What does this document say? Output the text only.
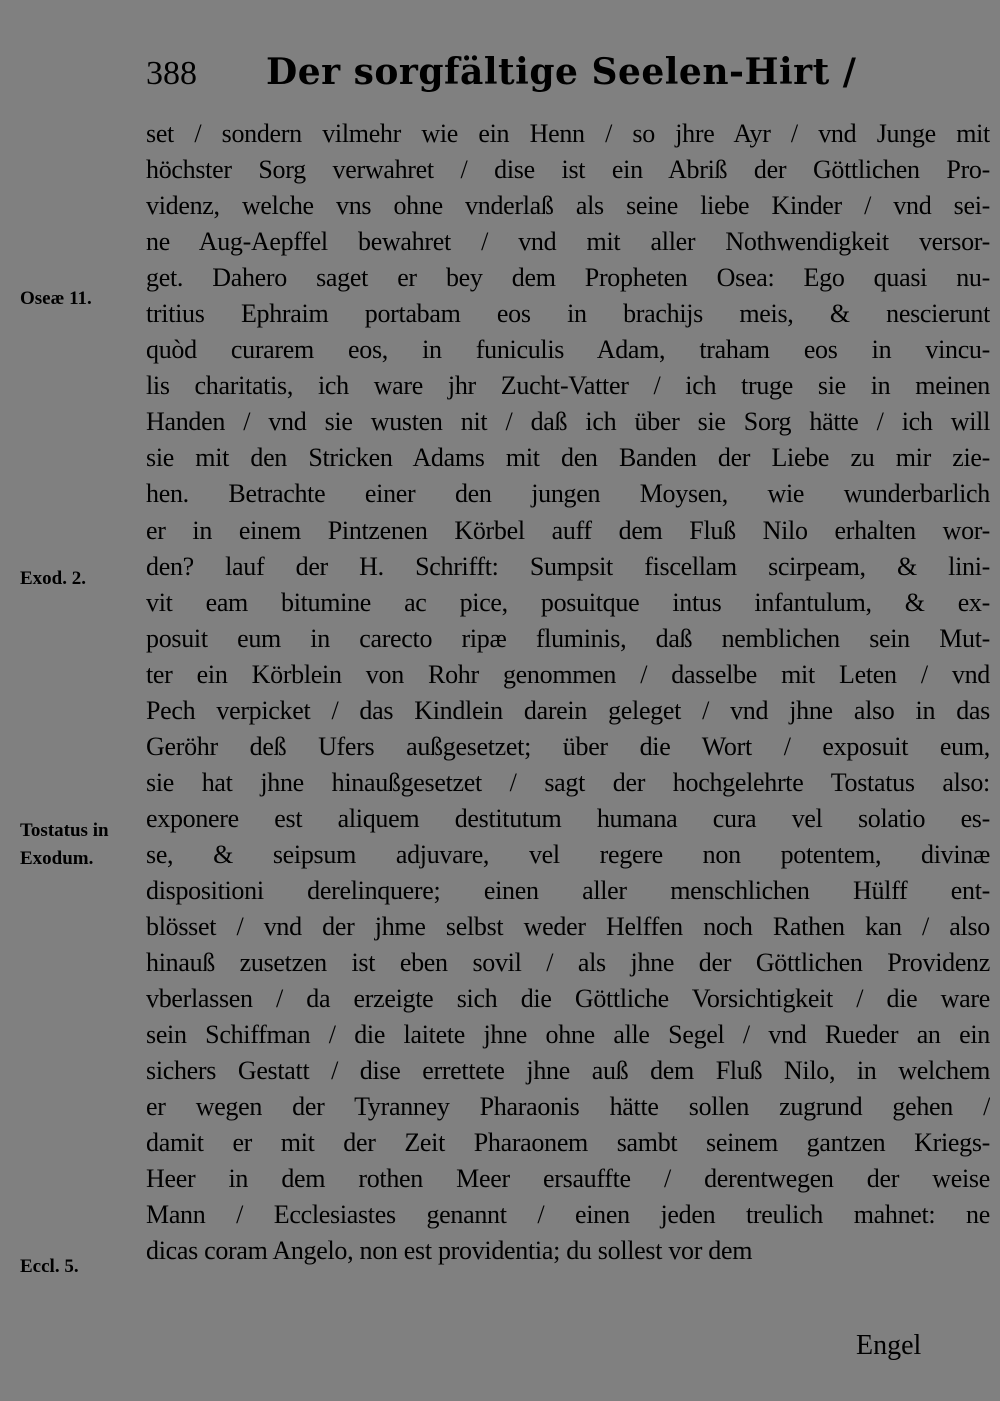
388 Der sorgfältige Seelen-Hirt /
set / sondern vilmehr wie ein Henn / so jhre Ayr / vnd Junge mit
höchster Sorg verwahret / dise ist ein Abriß der Göttlichen Pro-
videnz, welche vns ohne vnderlaß als seine liebe Kinder / vnd sei-
ne Aug-Aepffel bewahret / vnd mit aller Nothwendigkeit versor-
get. Dahero saget er bey dem Propheten Osea: Ego quasi nu-
tritius Ephraim portabam eos in brachijs meis, & nescierunt
quòd curarem eos, in funiculis Adam, traham eos in vincu-
lis charitatis, ich ware jhr Zucht-Vatter / ich truge sie in meinen
Handen / vnd sie wusten nit / daß ich über sie Sorg hätte / ich will
sie mit den Stricken Adams mit den Banden der Liebe zu mir zie-
hen. Betrachte einer den jungen Moysen, wie wunderbarlich
er in einem Pintzenen Körbel auff dem Fluß Nilo erhalten wor-
den? lauf der H. Schrifft: Sumpsit fiscellam scirpeam, & lini-
vit eam bitumine ac pice, posuitque intus infantulum, & ex-
posuit eum in carecto ripæ fluminis, daß nemblichen sein Mut-
ter ein Körblein von Rohr genommen / dasselbe mit Leten / vnd
Pech verpicket / das Kindlein darein geleget / vnd jhne also in das
Geröhr deß Ufers außgesetzet; über die Wort / exposuit eum,
sie hat jhne hinaußgesetzet / sagt der hochgelehrte Tostatus also:
exponere est aliquem destitutum humana cura vel solatio es-
se, & seipsum adjuvare, vel regere non potentem, divinæ
dispositioni derelinquere; einen aller menschlichen Hülff ent-
blösset / vnd der jhme selbst weder Helffen noch Rathen kan / also
hinauß zusetzen ist eben sovil / als jhne der Göttlichen Providenz
vberlassen / da erzeigte sich die Göttliche Vorsichtigkeit / die ware
sein Schiffman / die laitete jhne ohne alle Segel / vnd Rueder an ein
sichers Gestatt / dise errettete jhne auß dem Fluß Nilo, in welchem
er wegen der Tyranney Pharaonis hätte sollen zugrund gehen /
damit er mit der Zeit Pharaonem sambt seinem gantzen Kriegs-
Heer in dem rothen Meer ersauffte / derentwegen der weise
Mann / Ecclesiastes genannt / einen jeden treulich mahnet: ne
dicas coram Angelo, non est providentia; du sollest vor dem
Oseæ 11.
Exod. 2.
Tostatus in
Exodum.
Eccl. 5.
Engel
